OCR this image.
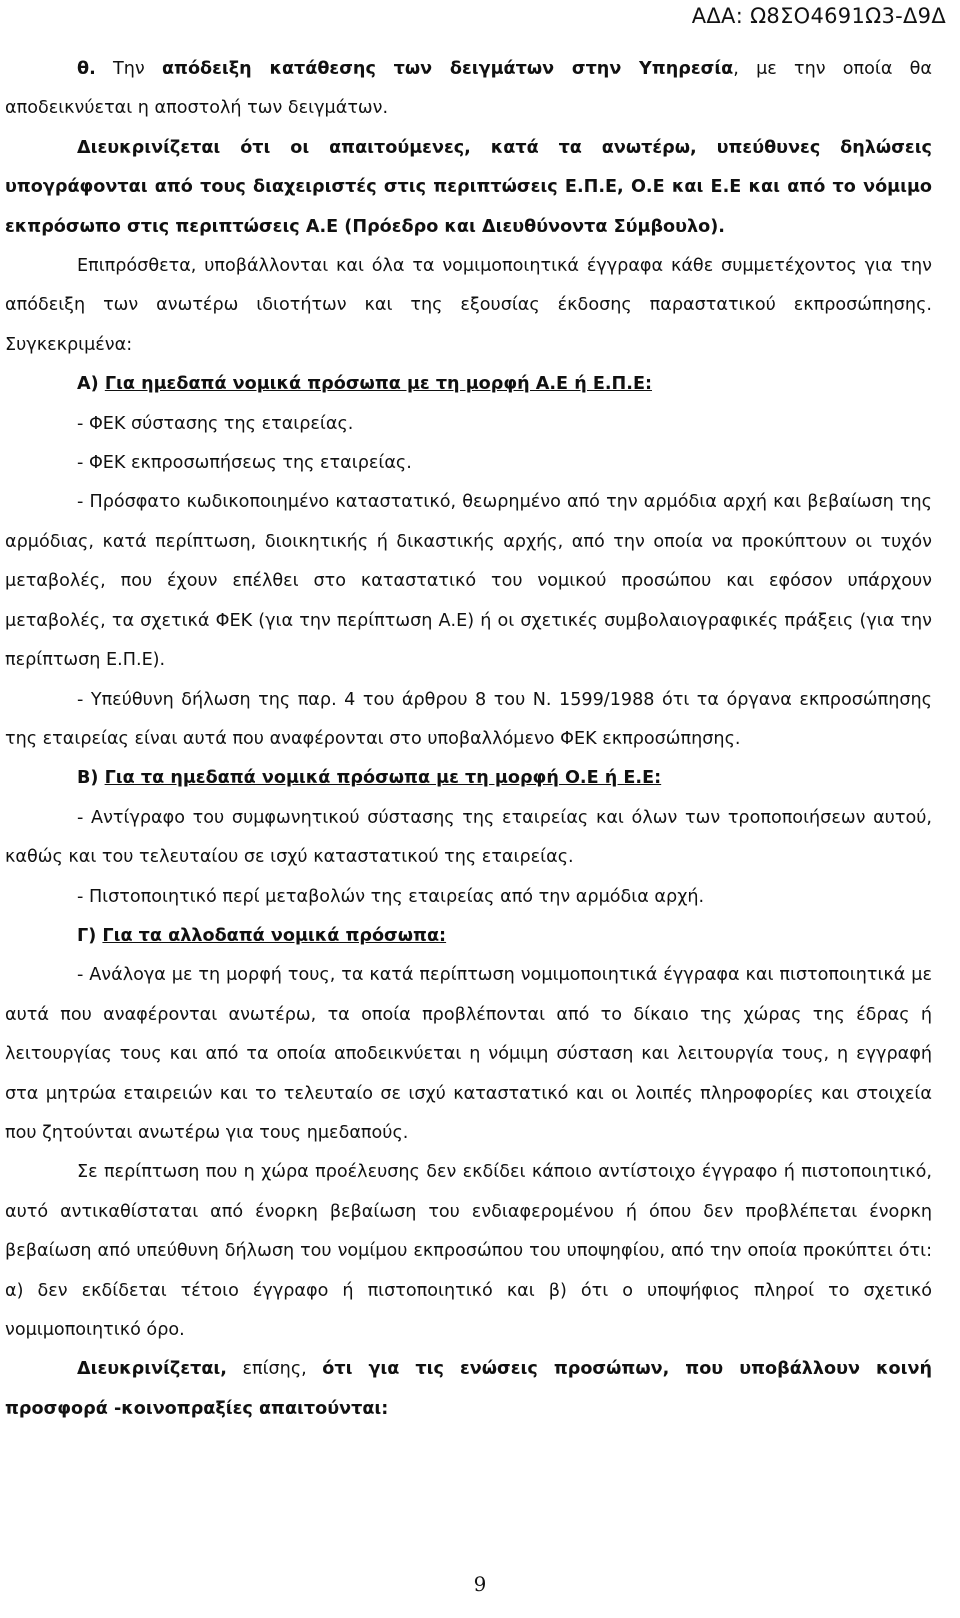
ΑΔΑ: Ω8ΣΟ4691Ω3-Δ9Δ

θ. Την απόδειξη κατάθεσης των δειγμάτων στην Υπηρεσία, με την οποία θα αποδεικνύεται η αποστολή των δειγμάτων.

Διευκρινίζεται ότι οι απαιτούμενες, κατά τα ανωτέρω, υπεύθυνες δηλώσεις υπογράφονται από τους διαχειριστές στις περιπτώσεις Ε.Π.Ε, Ο.Ε και Ε.Ε και από το νόμιμο εκπρόσωπο στις περιπτώσεις Α.Ε (Πρόεδρο και Διευθύνοντα Σύμβουλο).

Επιπρόσθετα, υποβάλλονται και όλα τα νομιμοποιητικά έγγραφα κάθε συμμετέχοντος για την απόδειξη των ανωτέρω ιδιοτήτων και της εξουσίας έκδοσης παραστατικού εκπροσώπησης. Συγκεκριμένα:

Α) Για ημεδαπά νομικά πρόσωπα με τη μορφή Α.Ε ή Ε.Π.Ε:

- ΦΕΚ σύστασης της εταιρείας.

- ΦΕΚ εκπροσωπήσεως της εταιρείας.

- Πρόσφατο κωδικοποιημένο καταστατικό, θεωρημένο από την αρμόδια αρχή και βεβαίωση της αρμόδιας, κατά περίπτωση, διοικητικής ή δικαστικής αρχής, από την οποία να προκύπτουν οι τυχόν μεταβολές, που έχουν επέλθει στο καταστατικό του νομικού προσώπου και εφόσον υπάρχουν μεταβολές, τα σχετικά ΦΕΚ (για την περίπτωση Α.Ε) ή οι σχετικές συμβολαιογραφικές πράξεις (για την περίπτωση Ε.Π.Ε).

- Υπεύθυνη δήλωση της παρ. 4 του άρθρου 8 του Ν. 1599/1988 ότι τα όργανα εκπροσώπησης της εταιρείας είναι αυτά που αναφέρονται στο υποβαλλόμενο ΦΕΚ εκπροσώπησης.

Β) Για τα ημεδαπά νομικά πρόσωπα με τη μορφή Ο.Ε ή Ε.Ε:

- Αντίγραφο του συμφωνητικού σύστασης της εταιρείας και όλων των τροποποιήσεων αυτού, καθώς και του τελευταίου σε ισχύ καταστατικού της εταιρείας.

- Πιστοποιητικό περί μεταβολών της εταιρείας από την αρμόδια αρχή.

Γ) Για τα αλλοδαπά νομικά πρόσωπα:

- Ανάλογα με τη μορφή τους, τα κατά περίπτωση νομιμοποιητικά έγγραφα και πιστοποιητικά με αυτά που αναφέρονται ανωτέρω, τα οποία προβλέπονται από το δίκαιο της χώρας της έδρας ή λειτουργίας τους και από τα οποία αποδεικνύεται η νόμιμη σύσταση και λειτουργία τους, η εγγραφή στα μητρώα εταιρειών και το τελευταίο σε ισχύ καταστατικό και οι λοιπές πληροφορίες και στοιχεία που ζητούνται ανωτέρω για τους ημεδαπούς.

Σε περίπτωση που η χώρα προέλευσης δεν εκδίδει κάποιο αντίστοιχο έγγραφο ή πιστοποιητικό, αυτό αντικαθίσταται από ένορκη βεβαίωση του ενδιαφερομένου ή όπου δεν προβλέπεται ένορκη βεβαίωση από υπεύθυνη δήλωση του νομίμου εκπροσώπου του υποψηφίου, από την οποία προκύπτει ότι: α) δεν εκδίδεται τέτοιο έγγραφο ή πιστοποιητικό και β) ότι ο υποψήφιος πληροί το σχετικό νομιμοποιητικό όρο.

Διευκρινίζεται, επίσης, ότι για τις ενώσεις προσώπων, που υποβάλλουν κοινή προσφορά -κοινοπραξίες απαιτούνται:

9
